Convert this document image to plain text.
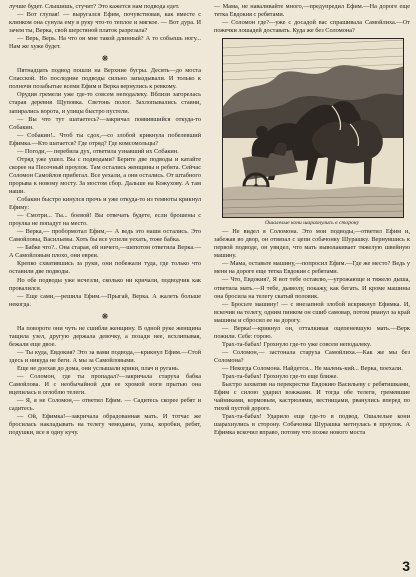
лучше будет. Слышишь, стучит? Это кажется нам подвода едет.

— Вот глупая! — выругался Ефим, почувствовав, как вместе с клинком она сунула ему в руку что-то теплое и мягкое. — Вот дура. И зачем ты, Верка, свой шерстяной платок разрезала?

— Верь, Верь. На что он мне такой длинный? А то собьешь ногу... Нам же хуже будет.

❋

Пятнадцать подвод пошли на Верхние бугры. Десять—до моста Спасской. Но последние подводы сильно запаздывали. И только к полночи позабытые всеми Ефим и Верка вернулись к ревкому.

Орудия гремели уже где-то совсем неподалеку. Вблизи загорелась старая деревня Щуповка. Светонь полог. Захлопывались ставни, запирались ворота, и улицы быстро пустели.

— Вы что тут шатаетесь?—закричал появившийся откуда-то Собакин.

— Собакин!.. Чтоб ты сдох,—со злобой крикнула побелевший Ефимка.—Кто шатается? Где отряд? Где комсомольцы?

— Погоди,— перебила дух, ответила узнавший их Собакин.

Отряд уже ушел. Вы с подводами? Берите две подводы и катайте скорее на Песочный проулок. Там остались женщины и ребята. Сейчас Соломон Самойлов прибегал. Все уехали, а они остались. От штабного прорыва к новому мосту. За мостом сбор. Дальше на Кожухову. А там наши.

Собакин быстро кинулся прочь и уже откуда-то из темноты крикнул Ефиму:

— Смотри... Ты... боевой! Вы отвечать будете, если брошены с проулка не попадут на место.

— Верка,— пробормотал Ефим,— А ведь это наши остались. Это Самойловы, Васильевы. Хоть бы все успели уехать, тоже бабка.

— Бабке что?.. Она старая, ей ничего,—шепотом ответила Верка.—А Самойловым плохо, они евреи.

Крепко схватившись за руки, они побежали туда, где только что оставили две подводы.

Но обе подводы уже исчезли, сколько ни кричали, подводчик как провалился.

— Еще сами,—решила Ефим.—Прыгай, Верка. А жалеть больше некогда.

❋

На повороте они чуть не сшибли женщину. В одной руке женщина тащила узел, другую держала девочку, а позади нее, всхлипывая, бежали еще двое.

— Ты куда, Евдокия? Это за вами подвода,—крикнул Ефим.—Стой здесь и никуда не беги. А мы за Самойловыми.

Еще не доехав до дома, они услышали крики, плач и ругань.

— Соломон, где ты пропадал?—закричала старуха бабка Самойлова. И с необычайной для ее хромой ноги прытью она вцепилась в оглоблю телеги.

— Я, я не Соломон,— ответил Ефим. — Садитесь скорее ребят и садитесь.

— Ой, Ефимка!—закричала обрадованная мать. И тотчас же бросилась накладывать на телегу чемоданы, узлы, коробки, ребят, подушки, все в одну кучу.

— Мама, не наваливайте много,—предупредил Ефим.—На дороге еще тетка Евдокия с ребятами.

— Соломон где?—уже с досадой вас спрашивала Самойлиха.—От пожечки лошадей доставать. Куда же без Соломона?

Ошалелые кони шарахнулись в сторону

— Не видел я Соломона. Это мои подводы,—ответил Ефим и, забежав во двор, он отвязал с цепи собачонку Шурашку. Вернувшись к первой подводе, он увидел, что мать выволакивает тяжелую швейную машину.

— Мама, оставьте машину,—попросил Ефим.—Где же место? Ведь у меня на дороге еще тетка Евдокия с ребятами.

— Что, Евдокия?, Я вот тебе оставлю,—угрожающе и тяжело дыша, ответила мать.—Я тебе, дьяволу, покажу, как бегать. И кроме машины она бросила на телегу скатый половик.

— Бросьте машину! — с внезапной злобой вскрикнул Ефимка. И, вскочив на телегу, одним пинком он сшиб самовар, потом рванул за край машины и сбросил ее на дорогу.

— Верка!—крикнул он, отталкивая оцепеневшую мать.—Верк пожили. Себе: горою.

Трах-та-бабах! Грохнуло где-то уже совсем неподалеку.

— Соломон,— застонала старуха Самойлиха.—Как же мы без Соломона?

— Некогда Соломона. Найдется... Не малень-кий... Верка, поехали.

Трах-та-бабах! Грохнуло где-то еще ближе.

Быстро захватив на перекрестке Евдокию Васильеву с ребятишками, Ефим с силою ударил вожжами. И тогда обе телеги, гремевшие чайниками, кормовым, кастрюлями, вестницами, рванулись вперед по тихой пустой дороге.

Трах-та-бабах! Ударило еще где-то в подвод. Ошалелые кони шарахнулись в сторону. Собачонка Шурашка метнулась в проулок. А Ефимка вскочил вправо, потому что позже нового моста

3
